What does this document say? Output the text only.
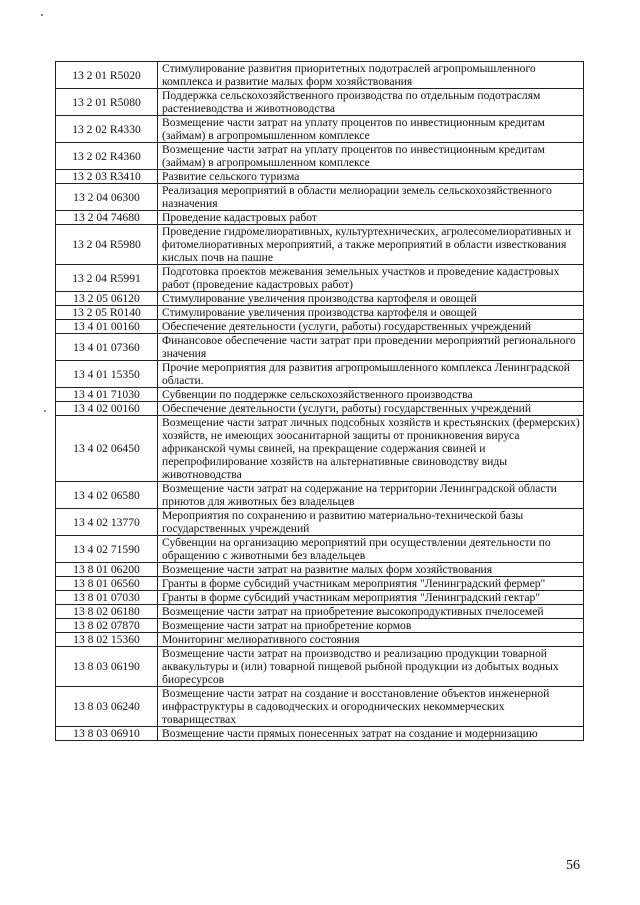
13 2 01 R5020	Стимулирование развития приоритетных подотраслей агропромышленного комплекса и развитие малых форм хозяйствования
13 2 01 R5080	Поддержка сельскохозяйственного производства по отдельным подотраслям растениеводства и животноводства
13 2 02 R4330	Возмещение части затрат на уплату процентов по инвестиционным кредитам (займам) в агропромышленном комплексе
13 2 02 R4360	Возмещение части затрат на уплату процентов по инвестиционным кредитам (займам) в агропромышленном комплексе
13 2 03 R3410	Развитие сельского туризма
13 2 04 06300	Реализация мероприятий в области мелиорации земель сельскохозяйственного назначения
13 2 04 74680	Проведение кадастровых работ
13 2 04 R5980	Проведение гидромелиоративных, культуртехнических, агролесомелиоративных и фитомелиоративных мероприятий, а также мероприятий в области известкования кислых почв на пашне
13 2 04 R5991	Подготовка проектов межевания земельных участков и проведение кадастровых работ (проведение кадастровых работ)
13 2 05 06120	Стимулирование увеличения производства картофеля и овощей
13 2 05 R0140	Стимулирование увеличения производства картофеля и овощей
13 4 01 00160	Обеспечение деятельности (услуги, работы) государственных учреждений
13 4 01 07360	Финансовое обеспечение части затрат при проведении мероприятий регионального значения
13 4 01 15350	Прочие мероприятия для развития агропромышленного комплекса Ленинградской области.
13 4 01 71030	Субвенции по поддержке сельскохозяйственного производства
13 4 02 00160	Обеспечение деятельности (услуги, работы) государственных учреждений
13 4 02 06450	Возмещение части затрат личных подсобных хозяйств и крестьянских (фермерских) хозяйств, не имеющих зоосанитарной защиты от проникновения вируса африканской чумы свиней, на прекращение содержания свиней и перепрофилирование хозяйств на альтернативные свиноводству виды животноводства
13 4 02 06580	Возмещение части затрат на содержание на территории Ленинградской области приютов для животных без владельцев
13 4 02 13770	Мероприятия по сохранению и развитию материально-технической базы государственных учреждений
13 4 02 71590	Субвенции на организацию мероприятий при осуществлении деятельности по обращению с животными без владельцев
13 8 01 06200	Возмещение части затрат на развитие малых форм хозяйствования
13 8 01 06560	Гранты в форме субсидий участникам мероприятия "Ленинградский фермер"
13 8 01 07030	Гранты в форме субсидий участникам мероприятия "Ленинградский гектар"
13 8 02 06180	Возмещение части затрат на приобретение высокопродуктивных пчелосемей
13 8 02 07870	Возмещение части затрат на приобретение кормов
13 8 02 15360	Мониторинг мелиоративного состояния
13 8 03 06190	Возмещение части затрат на производство и реализацию продукции товарной аквакультуры и (или) товарной пищевой рыбной продукции из добытых водных биоресурсов
13 8 03 06240	Возмещение части затрат на создание и восстановление объектов инженерной инфраструктуры в садоводческих и огороднических некоммерческих товариществах
13 8 03 06910	Возмещение части прямых понесенных затрат на создание и модернизацию
56
